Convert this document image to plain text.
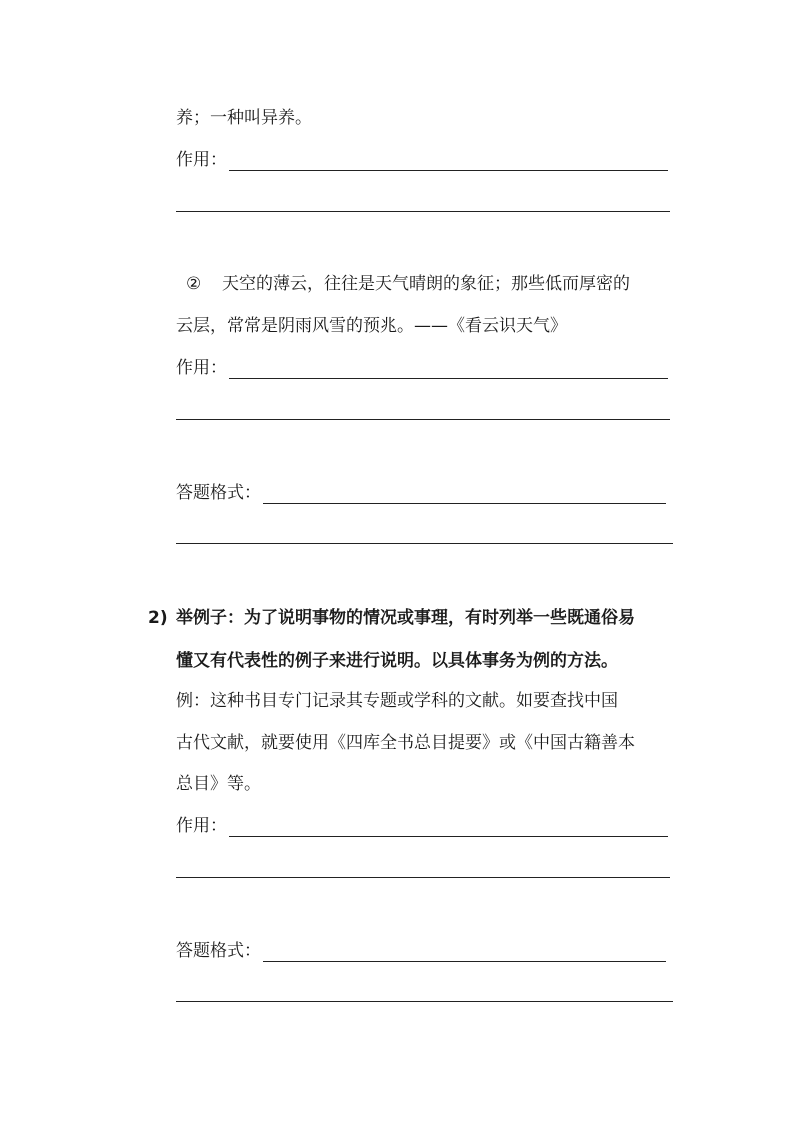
养；一种叫异养。
作用：
② 天空的薄云，往往是天气晴朗的象征；那些低而厚密的
云层，常常是阴雨风雪的预兆。——《看云识天气》
作用：
答题格式：
2) 举例子：为了说明事物的情况或事理，有时列举一些既通俗易
懂又有代表性的例子来进行说明。以具体事务为例的方法。
例：这种书目专门记录其专题或学科的文献。如要查找中国
古代文献，就要使用《四库全书总目提要》或《中国古籍善本
总目》等。
作用：
答题格式：
